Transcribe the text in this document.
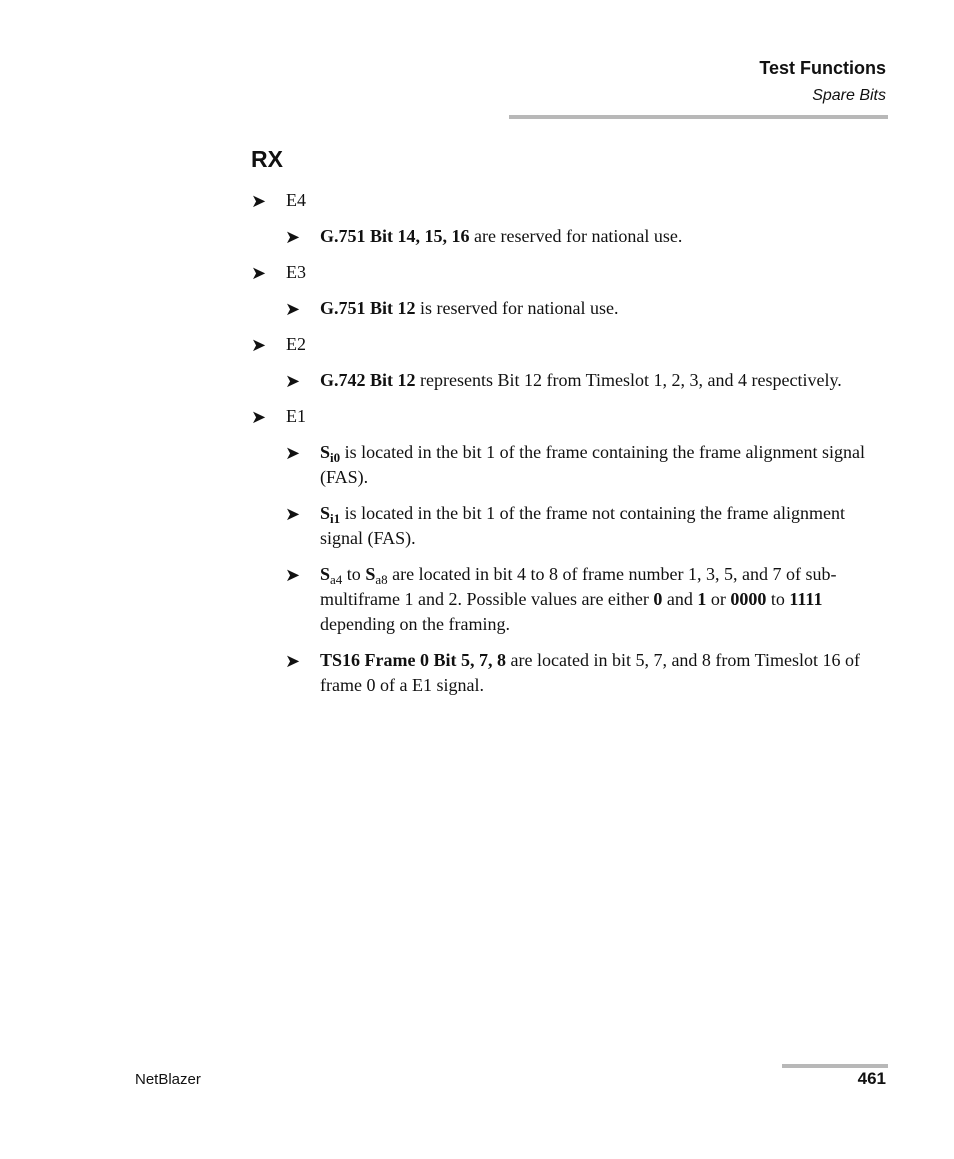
Test Functions
Spare Bits
RX
➤ E4
➤ G.751 Bit 14, 15, 16 are reserved for national use.
➤ E3
➤ G.751 Bit 12 is reserved for national use.
➤ E2
➤ G.742 Bit 12 represents Bit 12 from Timeslot 1, 2, 3, and 4 respectively.
➤ E1
➤ $S_{i0}$ is located in the bit 1 of the frame containing the frame alignment signal (FAS).
➤ $S_{i1}$ is located in the bit 1 of the frame not containing the frame alignment signal (FAS).
➤ $S_{a4}$ to $S_{a8}$ are located in bit 4 to 8 of frame number 1, 3, 5, and 7 of sub-multiframe 1 and 2. Possible values are either 0 and 1 or 0000 to 1111 depending on the framing.
➤ TS16 Frame 0 Bit 5, 7, 8 are located in bit 5, 7, and 8 from Timeslot 16 of frame 0 of a E1 signal.
NetBlazer	461
